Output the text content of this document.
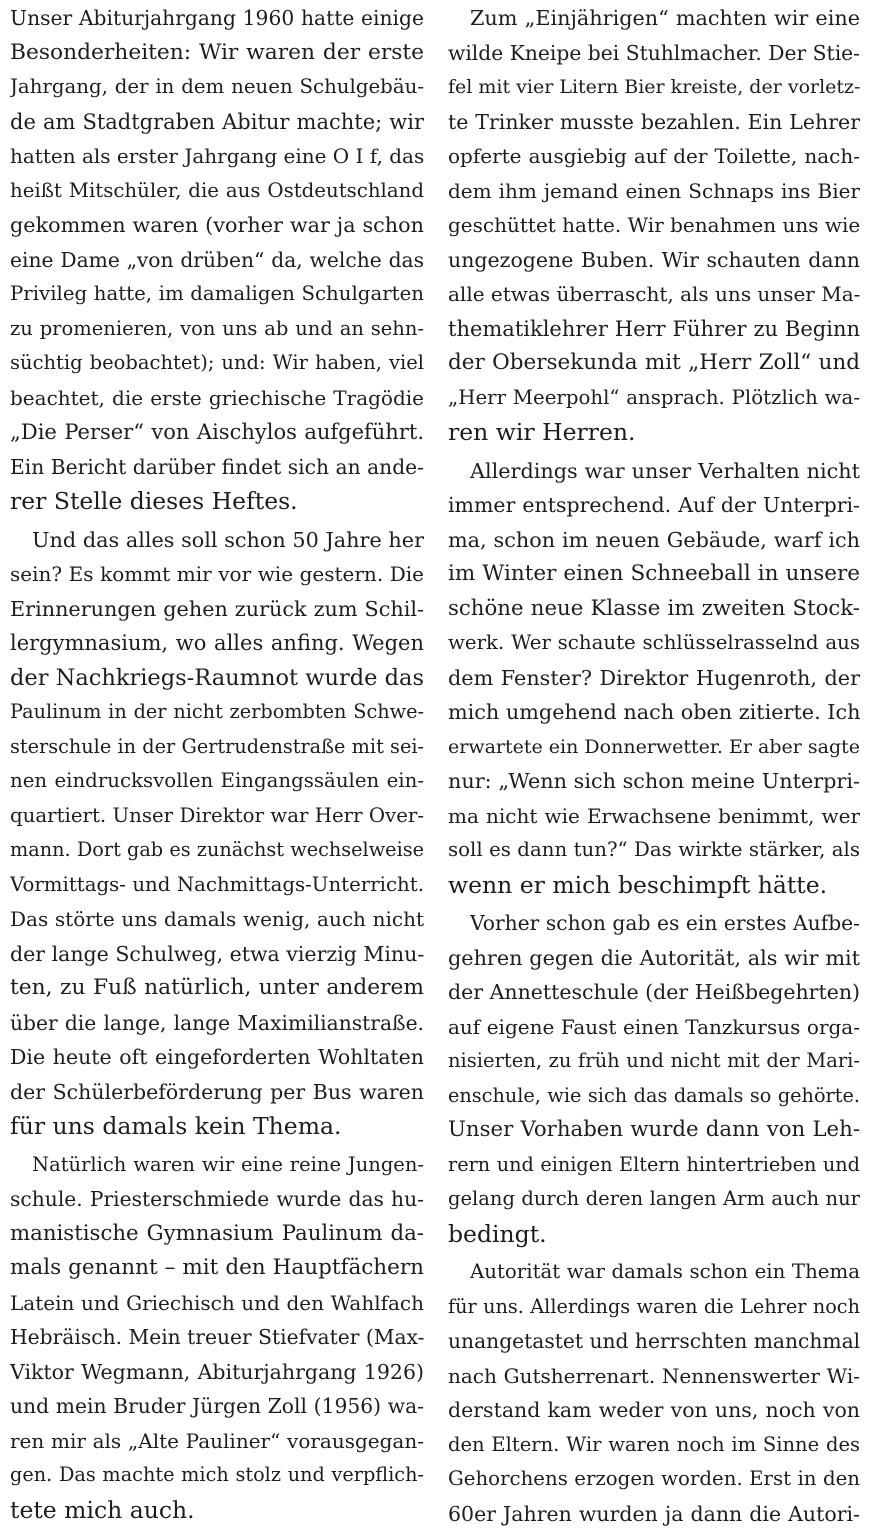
Unser Abiturjahrgang 1960 hatte einige
Besonderheiten: Wir waren der erste
Jahrgang, der in dem neuen Schulgebäu-
de am Stadtgraben Abitur machte; wir
hatten als erster Jahrgang eine O I f, das
heißt Mitschüler, die aus Ostdeutschland
gekommen waren (vorher war ja schon
eine Dame „von drüben“ da, welche das
Privileg hatte, im damaligen Schulgarten
zu promenieren, von uns ab und an sehn-
süchtig beobachtet); und: Wir haben, viel
beachtet, die erste griechische Tragödie
„Die Perser“ von Aischylos aufgeführt.
Ein Bericht darüber findet sich an ande-
rer Stelle dieses Heftes.
Und das alles soll schon 50 Jahre her
sein? Es kommt mir vor wie gestern. Die
Erinnerungen gehen zurück zum Schil-
lergymnasium, wo alles anfing. Wegen
der Nachkriegs-Raumnot wurde das
Paulinum in der nicht zerbombten Schwe-
sterschule in der Gertrudenstraße mit sei-
nen eindrucksvollen Eingangssäulen ein-
quartiert. Unser Direktor war Herr Over-
mann. Dort gab es zunächst wechselweise
Vormittags- und Nachmittags-Unterricht.
Das störte uns damals wenig, auch nicht
der lange Schulweg, etwa vierzig Minu-
ten, zu Fuß natürlich, unter anderem
über die lange, lange Maximilianstraße.
Die heute oft eingeforderten Wohltaten
der Schülerbeförderung per Bus waren
für uns damals kein Thema.
Natürlich waren wir eine reine Jungen-
schule. Priesterschmiede wurde das hu-
manistische Gymnasium Paulinum da-
mals genannt – mit den Hauptfächern
Latein und Griechisch und den Wahlfach
Hebräisch. Mein treuer Stiefvater (Max-
Viktor Wegmann, Abiturjahrgang 1926)
und mein Bruder Jürgen Zoll (1956) wa-
ren mir als „Alte Pauliner“ vorausgegan-
gen. Das machte mich stolz und verpflich-
tete mich auch.
Zum „Einjährigen“ machten wir eine
wilde Kneipe bei Stuhlmacher. Der Stie-
fel mit vier Litern Bier kreiste, der vorletz-
te Trinker musste bezahlen. Ein Lehrer
opferte ausgiebig auf der Toilette, nach-
dem ihm jemand einen Schnaps ins Bier
geschüttet hatte. Wir benahmen uns wie
ungezogene Buben. Wir schauten dann
alle etwas überrascht, als uns unser Ma-
thematiklehrer Herr Führer zu Beginn
der Obersekunda mit „Herr Zoll“ und
„Herr Meerpohl“ ansprach. Plötzlich wa-
ren wir Herren.
Allerdings war unser Verhalten nicht
immer entsprechend. Auf der Unterpri-
ma, schon im neuen Gebäude, warf ich
im Winter einen Schneeball in unsere
schöne neue Klasse im zweiten Stock-
werk. Wer schaute schlüsselrasselnd aus
dem Fenster? Direktor Hugenroth, der
mich umgehend nach oben zitierte. Ich
erwartete ein Donnerwetter. Er aber sagte
nur: „Wenn sich schon meine Unterpri-
ma nicht wie Erwachsene benimmt, wer
soll es dann tun?“ Das wirkte stärker, als
wenn er mich beschimpft hätte.
Vorher schon gab es ein erstes Aufbe-
gehren gegen die Autorität, als wir mit
der Annetteschule (der Heißbegehrten)
auf eigene Faust einen Tanzkursus orga-
nisierten, zu früh und nicht mit der Mari-
enschule, wie sich das damals so gehörte.
Unser Vorhaben wurde dann von Leh-
rern und einigen Eltern hintertrieben und
gelang durch deren langen Arm auch nur
bedingt.
Autorität war damals schon ein Thema
für uns. Allerdings waren die Lehrer noch
unangetastet und herrschten manchmal
nach Gutsherrenart. Nennenswerter Wi-
derstand kam weder von uns, noch von
den Eltern. Wir waren noch im Sinne des
Gehorchens erzogen worden. Erst in den
60er Jahren wurden ja dann die Autori-
